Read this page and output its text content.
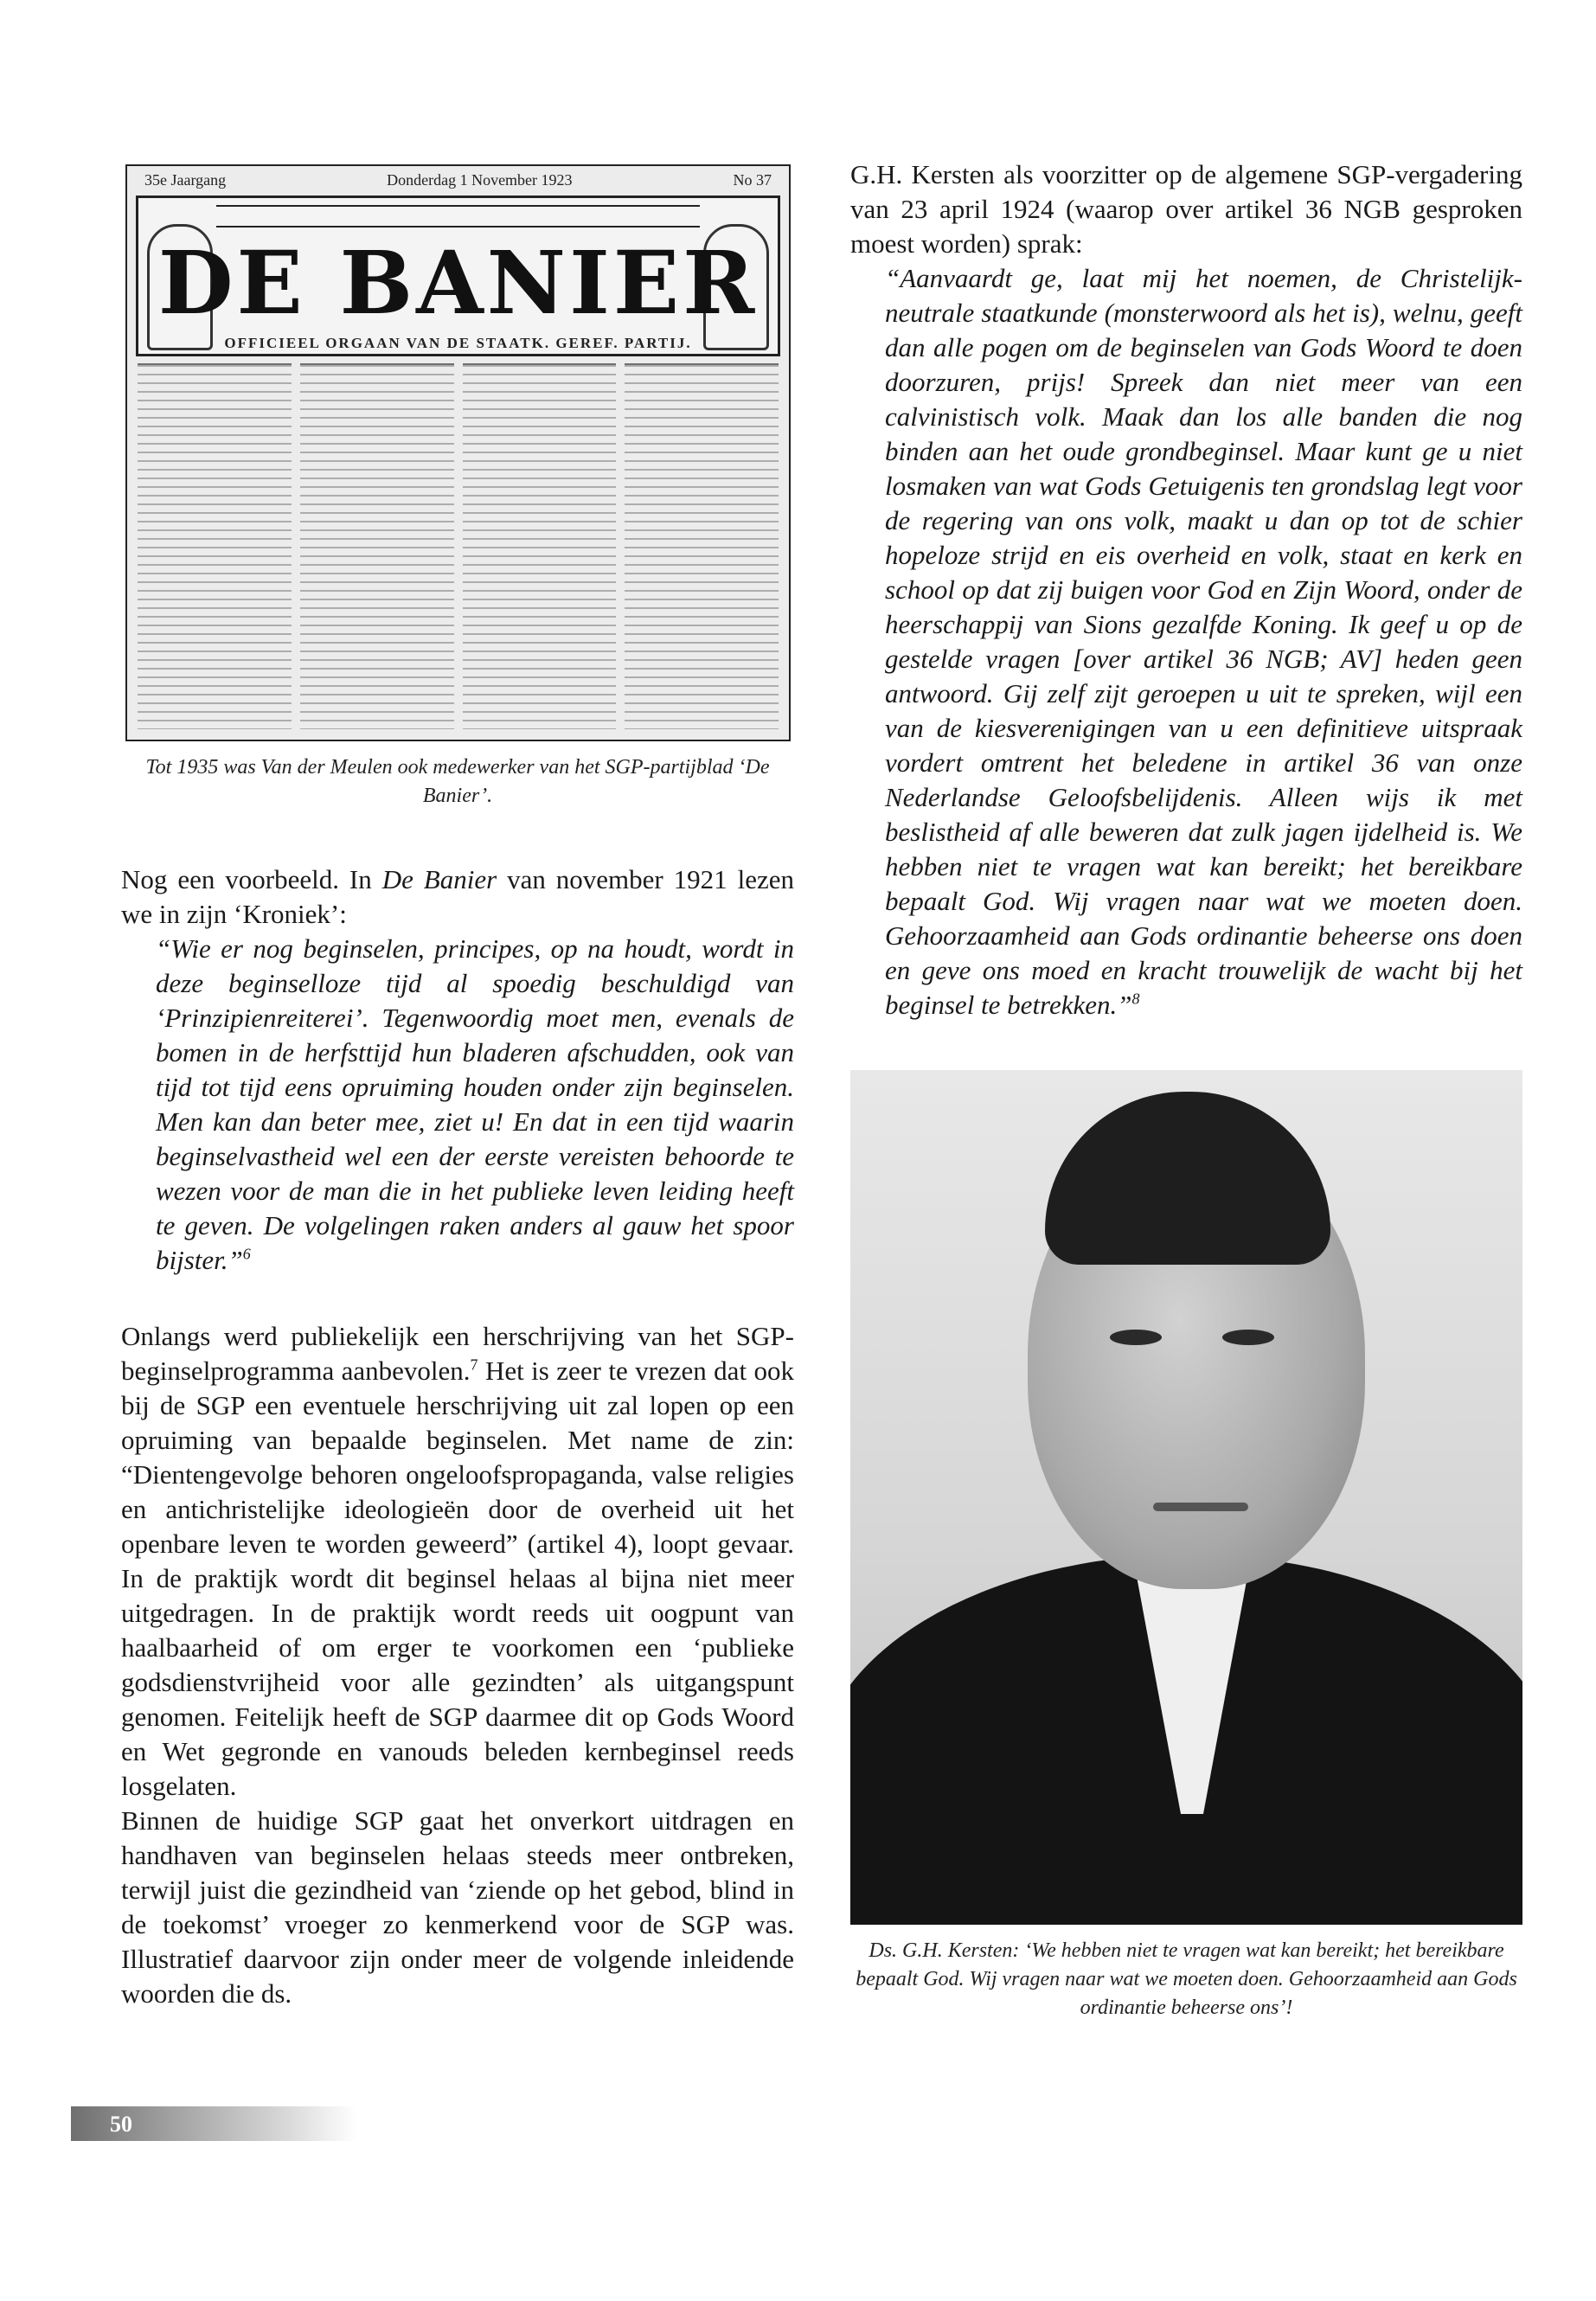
35e Jaargang	Donderdag 1 November 1923	No 37
DE BANIER
OFFICIEEL ORGAAN VAN DE STAATK. GEREF. PARTIJ.
Tot 1935 was Van der Meulen ook medewerker van het SGP-partijblad ‘De Banier’.

Nog een voorbeeld. In De Banier van november 1921 lezen we in zijn ‘Kroniek’:

“Wie er nog beginselen, principes, op na houdt, wordt in deze beginselloze tijd al spoedig beschuldigd van ‘Prinzipienreiterei’. Tegenwoordig moet men, evenals de bomen in de herfsttijd hun bladeren afschudden, ook van tijd tot tijd eens opruiming houden onder zijn beginselen. Men kan dan beter mee, ziet u! En dat in een tijd waarin beginselvastheid wel een der eerste vereisten behoorde te wezen voor de man die in het publieke leven leiding heeft te geven. De volgelingen raken anders al gauw het spoor bijster.”$^6$

Onlangs werd publiekelijk een herschrijving van het SGP-beginselprogramma aanbevolen.$^7$ Het is zeer te vrezen dat ook bij de SGP een eventuele herschrijving uit zal lopen op een opruiming van bepaalde beginselen. Met name de zin: “Dientengevolge behoren ongeloofspropaganda, valse religies en antichristelijke ideologieën door de overheid uit het openbare leven te worden geweerd” (artikel 4), loopt gevaar. In de praktijk wordt dit beginsel helaas al bijna niet meer uitgedragen. In de praktijk wordt reeds uit oogpunt van haalbaarheid of om erger te voorkomen een ‘publieke godsdienstvrijheid voor alle gezindten’ als uitgangspunt genomen. Feitelijk heeft de SGP daarmee dit op Gods Woord en Wet gegronde en vanouds beleden kernbeginsel reeds losgelaten.

Binnen de huidige SGP gaat het onverkort uitdragen en handhaven van beginselen helaas steeds meer ontbreken, terwijl juist die gezindheid van ‘ziende op het gebod, blind in de toekomst’ vroeger zo kenmerkend voor de SGP was. Illustratief daarvoor zijn onder meer de volgende inleidende woorden die ds.

G.H. Kersten als voorzitter op de algemene SGP-vergadering van 23 april 1924 (waarop over artikel 36 NGB gesproken moest worden) sprak:

“Aanvaardt ge, laat mij het noemen, de Christelijk-neutrale staatkunde (monsterwoord als het is), welnu, geeft dan alle pogen om de beginselen van Gods Woord te doen doorzuren, prijs! Spreek dan niet meer van een calvinistisch volk. Maak dan los alle banden die nog binden aan het oude grondbeginsel. Maar kunt ge u niet losmaken van wat Gods Getuigenis ten grondslag legt voor de regering van ons volk, maakt u dan op tot de schier hopeloze strijd en eis overheid en volk, staat en kerk en school op dat zij buigen voor God en Zijn Woord, onder de heerschappij van Sions gezalfde Koning. Ik geef u op de gestelde vragen [over artikel 36 NGB; AV] heden geen antwoord. Gij zelf zijt geroepen u uit te spreken, wijl een van de kiesverenigingen van u een definitieve uitspraak vordert omtrent het beledene in artikel 36 van onze Nederlandse Geloofsbelijdenis. Alleen wijs ik met beslistheid af alle beweren dat zulk jagen ijdelheid is. We hebben niet te vragen wat kan bereikt; het bereikbare bepaalt God. Wij vragen naar wat we moeten doen. Gehoorzaamheid aan Gods ordinantie beheerse ons doen en geve ons moed en kracht trouwelijk de wacht bij het beginsel te betrekken.”$^8$

Ds. G.H. Kersten: ‘We hebben niet te vragen wat kan bereikt; het bereikbare bepaalt God. Wij vragen naar wat we moeten doen. Gehoorzaamheid aan Gods ordinantie beheerse ons’!
50
